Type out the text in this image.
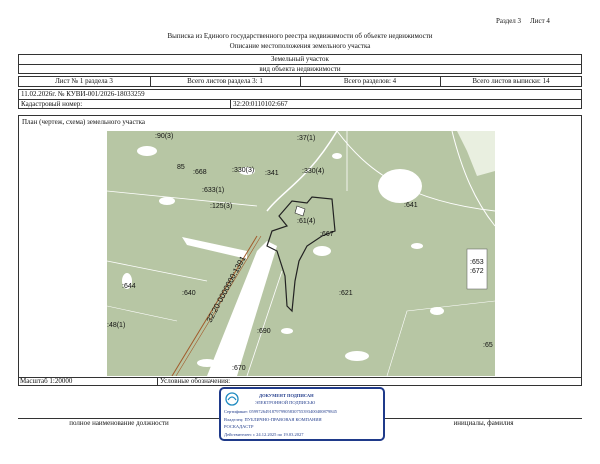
Раздел 3 Лист 4
Выписка из Единого государственного реестра недвижимости об объекте недвижимости
Описание местоположения земельного участка
Земельный участок
вид объекта недвижимости
Лист № 1 раздела 3	Всего листов раздела 3: 1	Всего разделов: 4	Всего листов выписки: 14
11.02.2026г. № КУВИ-001/2026-18033259
Кадастровый номер:	32:20:0110102:667
План (чертеж, схема) земельного участка
:90(3)	:37(1)
85
:668	:330(3) :341	:330(4)
:633(1)
:125(3)
:61(4)
:641
:667
:653
:672
:644
:640	:621
:48(1)
:690
:65
:670
32:20-0000000:1391
Масштаб 1:20000	Условные обозначения:
полное наименование должности	инициалы, фамилия
ДОКУМЕНТ ПОДПИСАН
ЭЛЕКТРОННОЙ ПОДПИСЬЮ
Сертификат: 059972649187979905830755393400400879845
Владелец: ПУБЛИЧНО-ПРАВОВАЯ КОМПАНИЯ
РОСКАДАСТР
Действителен: с 24.12.2025 по 19.03.2027
